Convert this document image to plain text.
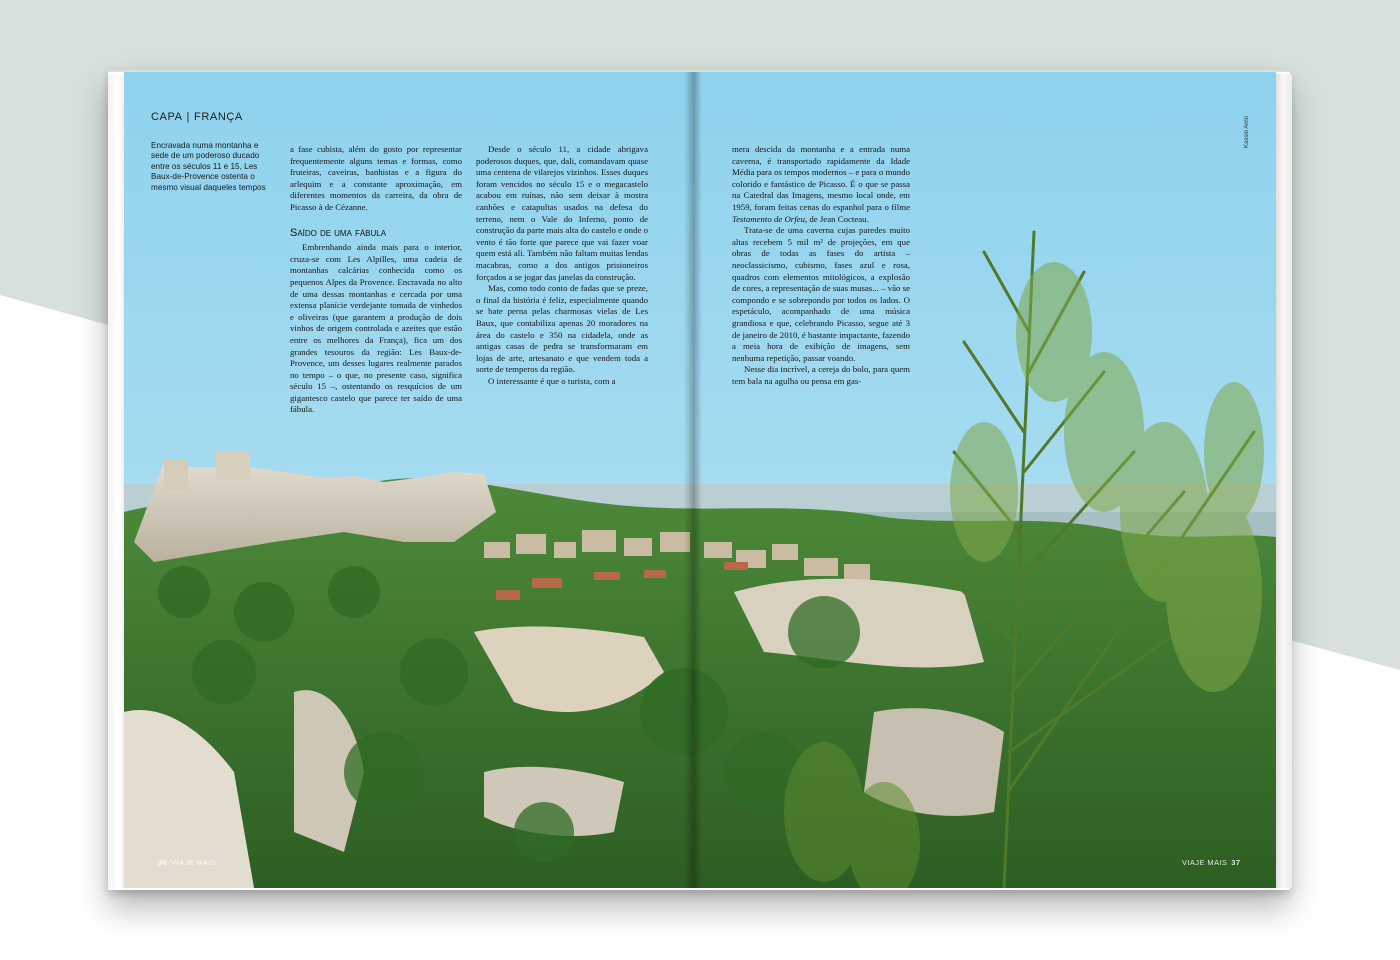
CAPA | FRANÇA
Encravada numa montanha e sede de um poderoso ducado entre os séculos 11 e 15, Les Baux-de-Provence ostenta o mesmo visual daqueles tempos

a fase cubista, além do gosto por representar frequentemente alguns temas e formas, como fruteiras, caveiras, banhistas e a figura do arlequim e a constante aproximação, em diferentes momentos da carreira, da obra de Picasso à de Cézanne.

Saído de uma fábula

Embrenhando ainda mais para o interior, cruza-se com Les Alpilles, uma cadeia de montanhas calcárias conhecida como os pequenos Alpes da Provence. Encravada no alto de uma dessas montanhas e cercada por uma extensa planície verdejante tomada de vinhedos e oliveiras (que garantem a produção de dois vinhos de origem controlada e azeites que estão entre os melhores da França), fica um dos grandes tesouros da região: Les Baux-de-Provence, um desses lugares realmente parados no tempo – o que, no presente caso, significa século 15 –, ostentando os resquícios de um gigantesco castelo que parece ter saído de uma fábula.

Desde o século 11, a cidade abrigava poderosos duques, que, dali, comandavam quase uma centena de vilarejos vizinhos. Esses duques foram vencidos no século 15 e o megacastelo acabou em ruínas, não sem deixar à mostra canhões e catapultas usados na defesa do terreno, nem o Vale do Inferno, ponto de construção da parte mais alta do castelo e onde o vento é tão forte que parece que vai fazer voar quem está ali. Também não faltam muitas lendas macabras, como a dos antigos prisioneiros forçados a se jogar das janelas da construção.

Mas, como todo conto de fadas que se preze, o final da história é feliz, especialmente quando se bate perna pelas charmosas vielas de Les Baux, que contabiliza apenas 20 moradores na área do castelo e 350 na cidadela, onde as antigas casas de pedra se transformaram em lojas de arte, artesanato e que vendem toda a sorte de temperos da região.

O interessante é que o turista, com a

mera descida da montanha e a entrada numa caverna, é transportado rapidamente da Idade Média para os tempos modernos – e para o mundo colorido e fantástico de Picasso. É o que se passa na Catedral das Imagens, mesmo local onde, em 1959, foram feitas cenas do espanhol para o filme Testamento de Orfeu, de Jean Cocteau.

Trata-se de uma caverna cujas paredes muito altas recebem 5 mil m² de projeções, em que obras de todas as fases do artista – neoclassicismo, cubismo, fases azul e rosa, quadros com elementos mitológicos, a explosão de cores, a representação de suas musas... – vão se compondo e se sobrepondo por todos os lados. O espetáculo, acompanhado de uma música grandiosa e que, celebrando Picasso, segue até 3 de janeiro de 2010, é bastante impactante, fazendo a meia hora de exibição de imagens, sem nenhuma repetição, passar voando.

Nesse dia incrível, a cereja do bolo, para quem tem bala na agulha ou pensa em gas-

Kassio Arrio
36 VIAJE MAIS	VIAJE MAIS 37
